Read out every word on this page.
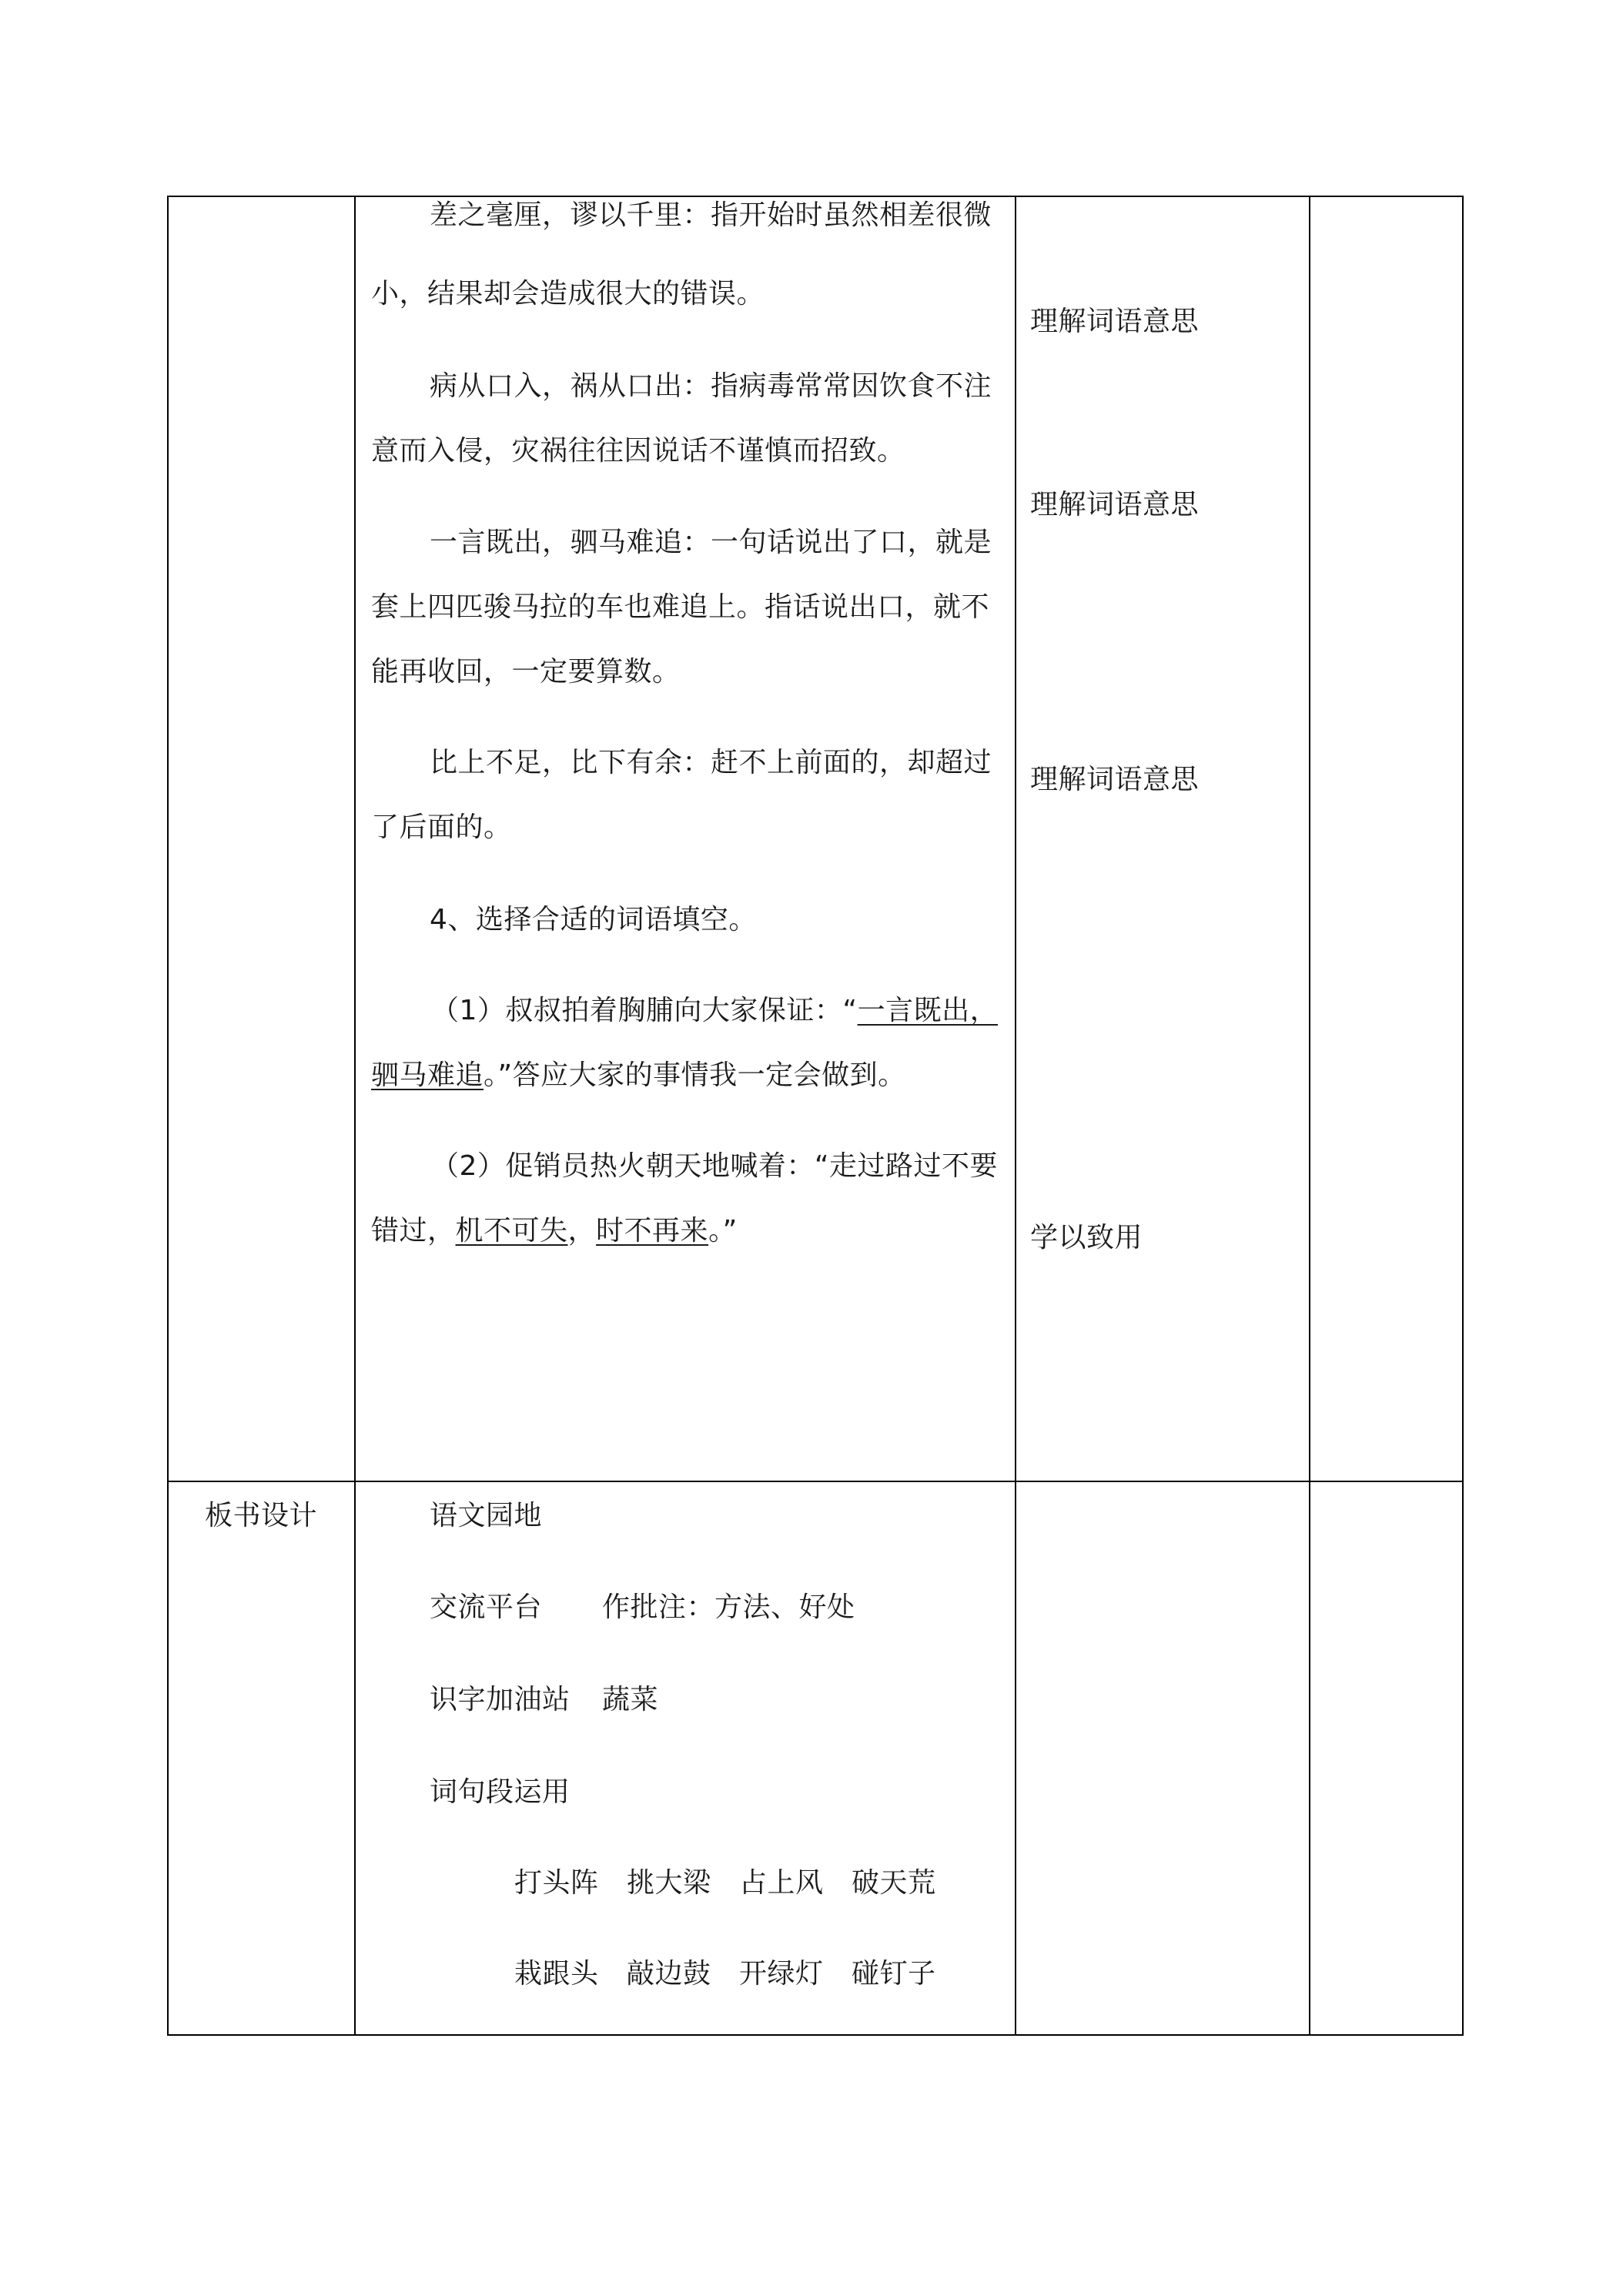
差之毫厘，谬以千里：指开始时虽然相差很微
小，结果却会造成很大的错误。
病从口入，祸从口出：指病毒常常因饮食不注
意而入侵，灾祸往往因说话不谨慎而招致。
一言既出，驷马难追：一句话说出了口，就是
套上四匹骏马拉的车也难追上。指话说出口，就不
能再收回，一定要算数。
比上不足，比下有余：赶不上前面的，却超过
了后面的。
4、选择合适的词语填空。
（1）叔叔拍着胸脯向大家保证：“一言既出，
驷马难追。”答应大家的事情我一定会做到。
（2）促销员热火朝天地喊着：“走过路过不要
错过，机不可失，时不再来。”
理解词语意思
理解词语意思
理解词语意思
学以致用
板书设计	语文园地
交流平台 作批注：方法、好处
识字加油站 蔬菜
词句段运用
打头阵　挑大梁　占上风　破天荒
栽跟头　敲边鼓　开绿灯　碰钉子
